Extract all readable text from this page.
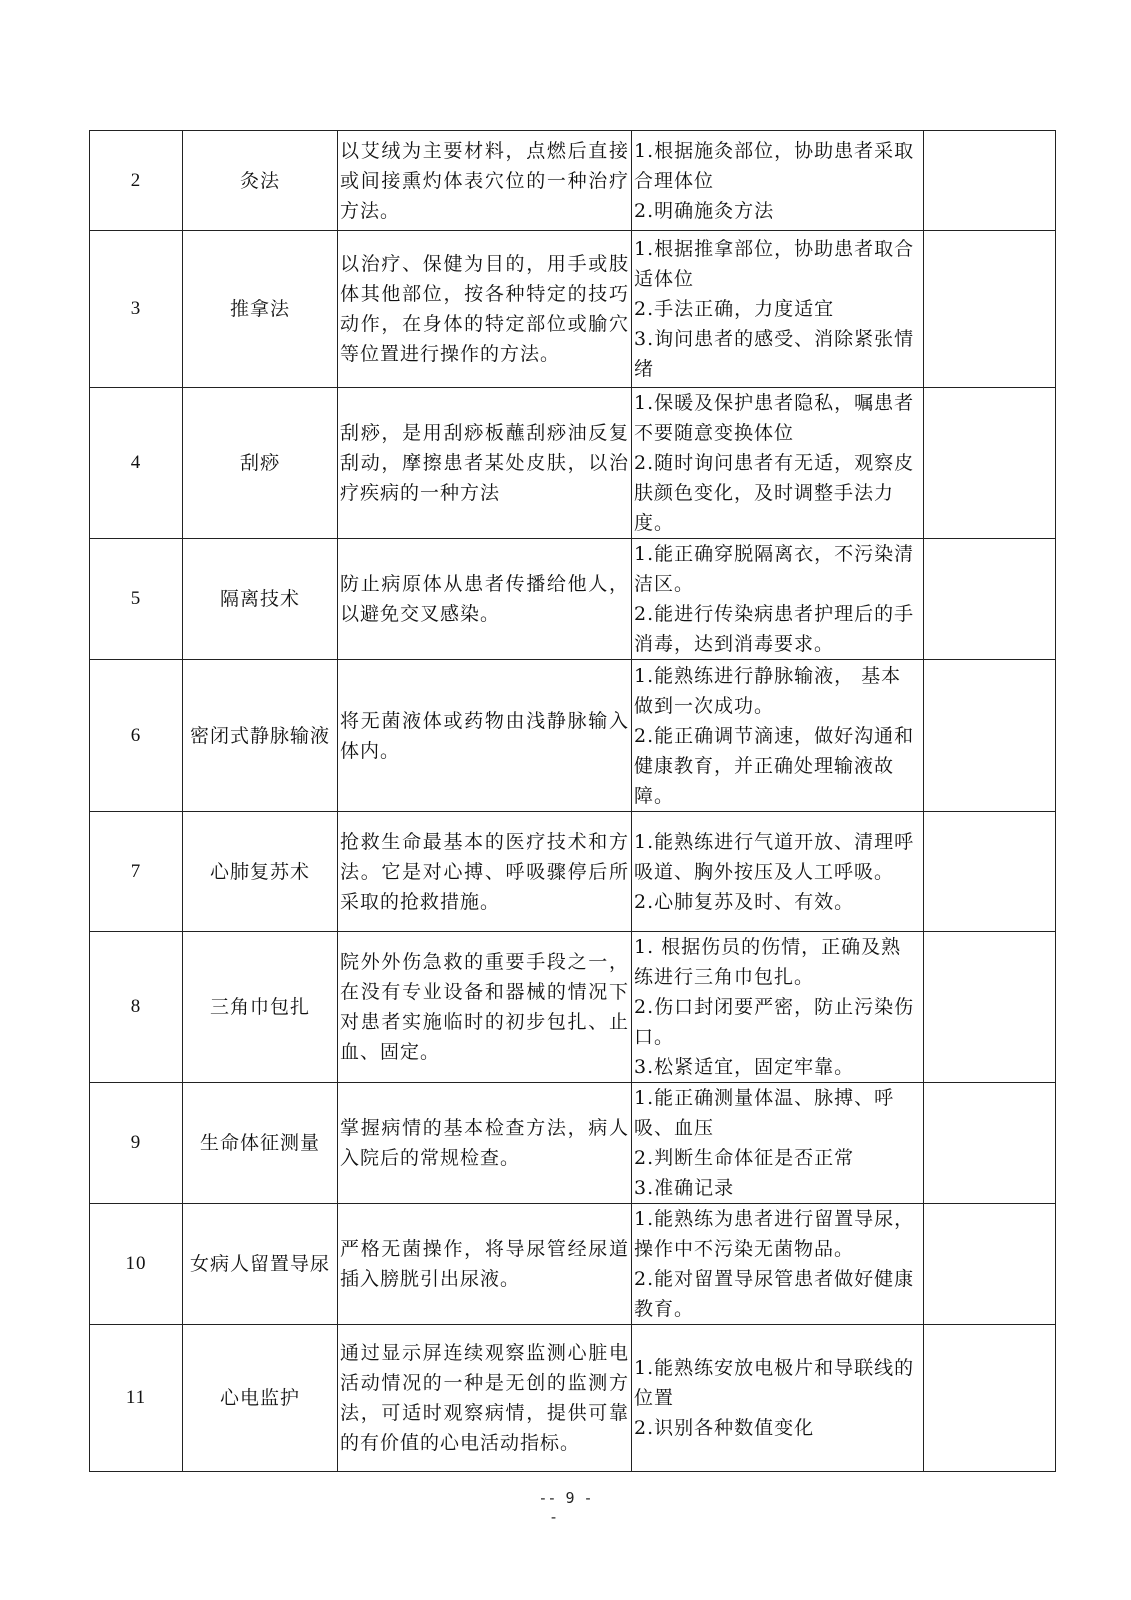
2	灸法	以艾绒为主要材料，点燃后直接或间接熏灼体表穴位的一种治疗方法。	1.根据施灸部位，协助患者采取合理体位
2.明确施灸方法	

3	推拿法	以治疗、保健为目的，用手或肢体其他部位，按各种特定的技巧动作，在身体的特定部位或腧穴等位置进行操作的方法。	1.根据推拿部位，协助患者取合适体位
2.手法正确，力度适宜
3.询问患者的感受、消除紧张情绪	

4	刮痧	刮痧，是用刮痧板蘸刮痧油反复刮动，摩擦患者某处皮肤，以治疗疾病的一种方法	1.保暖及保护患者隐私，嘱患者不要随意变换体位
2.随时询问患者有无适，观察皮肤颜色变化，及时调整手法力度。	

5	隔离技术	防止病原体从患者传播给他人，以避免交叉感染。	1.能正确穿脱隔离衣，不污染清洁区。
2.能进行传染病患者护理后的手消毒，达到消毒要求。	

6	密闭式静脉输液	将无菌液体或药物由浅静脉输入体内。	1.能熟练进行静脉输液， 基本做到一次成功。
2.能正确调节滴速，做好沟通和健康教育，并正确处理输液故障。	

7	心肺复苏术	抢救生命最基本的医疗技术和方法。它是对心搏、呼吸骤停后所采取的抢救措施。	1.能熟练进行气道开放、清理呼吸道、胸外按压及人工呼吸。
2.心肺复苏及时、有效。	

8	三角巾包扎	院外外伤急救的重要手段之一，在没有专业设备和器械的情况下对患者实施临时的初步包扎、止血、固定。	1. 根据伤员的伤情，正确及熟练进行三角巾包扎。
2.伤口封闭要严密，防止污染伤口。
3.松紧适宜，固定牢靠。	

9	生命体征测量	掌握病情的基本检查方法，病人入院后的常规检查。	1.能正确测量体温、脉搏、呼吸、血压
2.判断生命体征是否正常
3.准确记录	

10	女病人留置导尿	严格无菌操作，将导尿管经尿道插入膀胱引出尿液。	1.能熟练为患者进行留置导尿，操作中不污染无菌物品。
2.能对留置导尿管患者做好健康教育。	

11	心电监护	通过显示屏连续观察监测心脏电活动情况的一种是无创的监测方法，可适时观察病情，提供可靠的有价值的心电活动指标。	1.能熟练安放电极片和导联线的位置
2.识别各种数值变化	

-- 9 -
-
